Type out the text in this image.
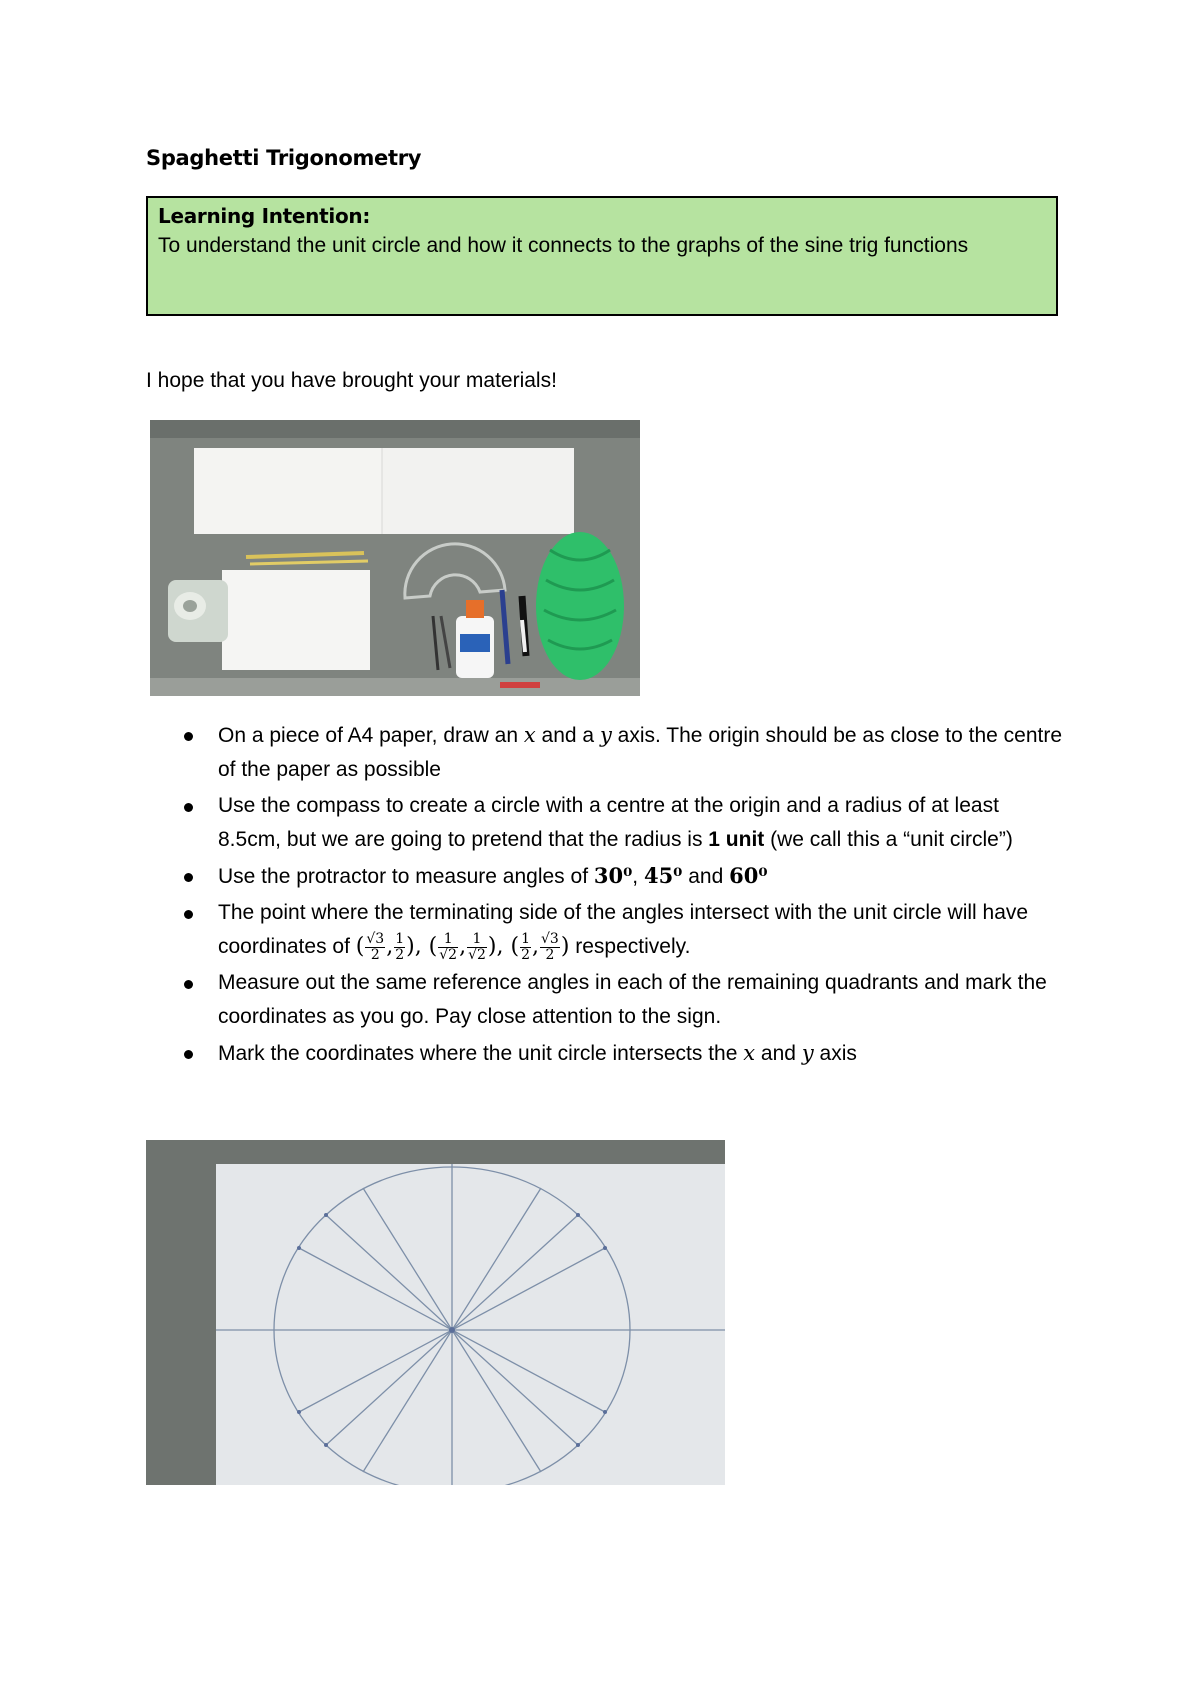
Spaghetti Trigonometry
Learning Intention:
To understand the unit circle and how it connects to the graphs of the sine trig functions
I hope that you have brought your materials!
On a piece of A4 paper, draw an x and a y axis. The origin should be as close to the centre of the paper as possible
Use the compass to create a circle with a centre at the origin and a radius of at least 8.5cm, but we are going to pretend that the radius is 1 unit (we call this a “unit circle”)
Use the protractor to measure angles of 30⁰, 45⁰ and 60⁰
The point where the terminating side of the angles intersect with the unit circle will have coordinates of ( $\frac{√3}{2}$ , $\frac{1}{2}$ ), ( $\frac{1}{√2}$ , $\frac{1}{√2}$ ), ( $\frac{1}{2}$ , $\frac{√3}{2}$ ) respectively.
Measure out the same reference angles in each of the remaining quadrants and mark the coordinates as you go. Pay close attention to the sign.
Mark the coordinates where the unit circle intersects the x and y axis
